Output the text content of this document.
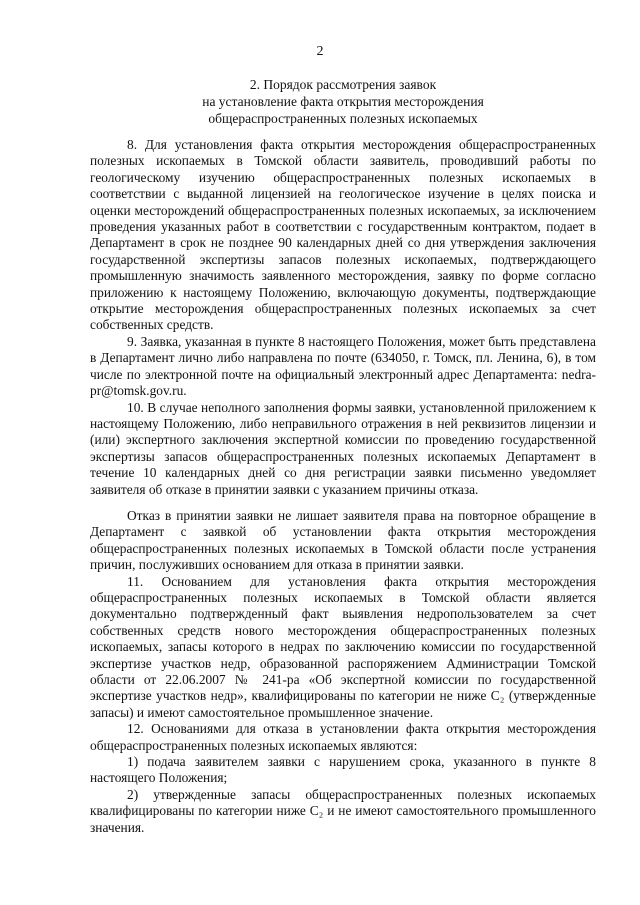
2
2. Порядок рассмотрения заявок
на установление факта открытия месторождения
общераспространенных полезных ископаемых

8. Для установления факта открытия месторождения общераспространенных полезных ископаемых в Томской области заявитель, проводивший работы по геологическому изучению общераспространенных полезных ископаемых в соответствии с выданной лицензией на геологическое изучение в целях поиска и оценки месторождений общераспространенных полезных ископаемых, за исключением проведения указанных работ в соответствии с государственным контрактом, подает в Департамент в срок не позднее 90 календарных дней со дня утверждения заключения государственной экспертизы запасов полезных ископаемых, подтверждающего промышленную значимость заявленного месторождения, заявку по форме согласно приложению к настоящему Положению, включающую документы, подтверждающие открытие месторождения общераспространенных полезных ископаемых за счет собственных средств.

9. Заявка, указанная в пункте 8 настоящего Положения, может быть представлена в Департамент лично либо направлена по почте (634050, г. Томск, пл. Ленина, 6), в том числе по электронной почте на официальный электронный адрес Департамента: nedra-pr@tomsk.gov.ru.

10. В случае неполного заполнения формы заявки, установленной приложением к настоящему Положению, либо неправильного отражения в ней реквизитов лицензии и (или) экспертного заключения экспертной комиссии по проведению государственной экспертизы запасов общераспространенных полезных ископаемых Департамент в течение 10 календарных дней со дня регистрации заявки письменно уведомляет заявителя об отказе в принятии заявки с указанием причины отказа.

Отказ в принятии заявки не лишает заявителя права на повторное обращение в Департамент с заявкой об установлении факта открытия месторождения общераспространенных полезных ископаемых в Томской области после устранения причин, послуживших основанием для отказа в принятии заявки.

11. Основанием для установления факта открытия месторождения общераспространенных полезных ископаемых в Томской области является документально подтвержденный факт выявления недропользователем за счет собственных средств нового месторождения общераспространенных полезных ископаемых, запасы которого в недрах по заключению комиссии по государственной экспертизе участков недр, образованной распоряжением Администрации Томской области от 22.06.2007 № 241-ра «Об экспертной комиссии по государственной экспертизе участков недр», квалифицированы по категории не ниже С₂ (утвержденные запасы) и имеют самостоятельное промышленное значение.

12. Основаниями для отказа в установлении факта открытия месторождения общераспространенных полезных ископаемых являются:

1) подача заявителем заявки с нарушением срока, указанного в пункте 8 настоящего Положения;

2) утвержденные запасы общераспространенных полезных ископаемых квалифицированы по категории ниже С₂ и не имеют самостоятельного промышленного значения.
